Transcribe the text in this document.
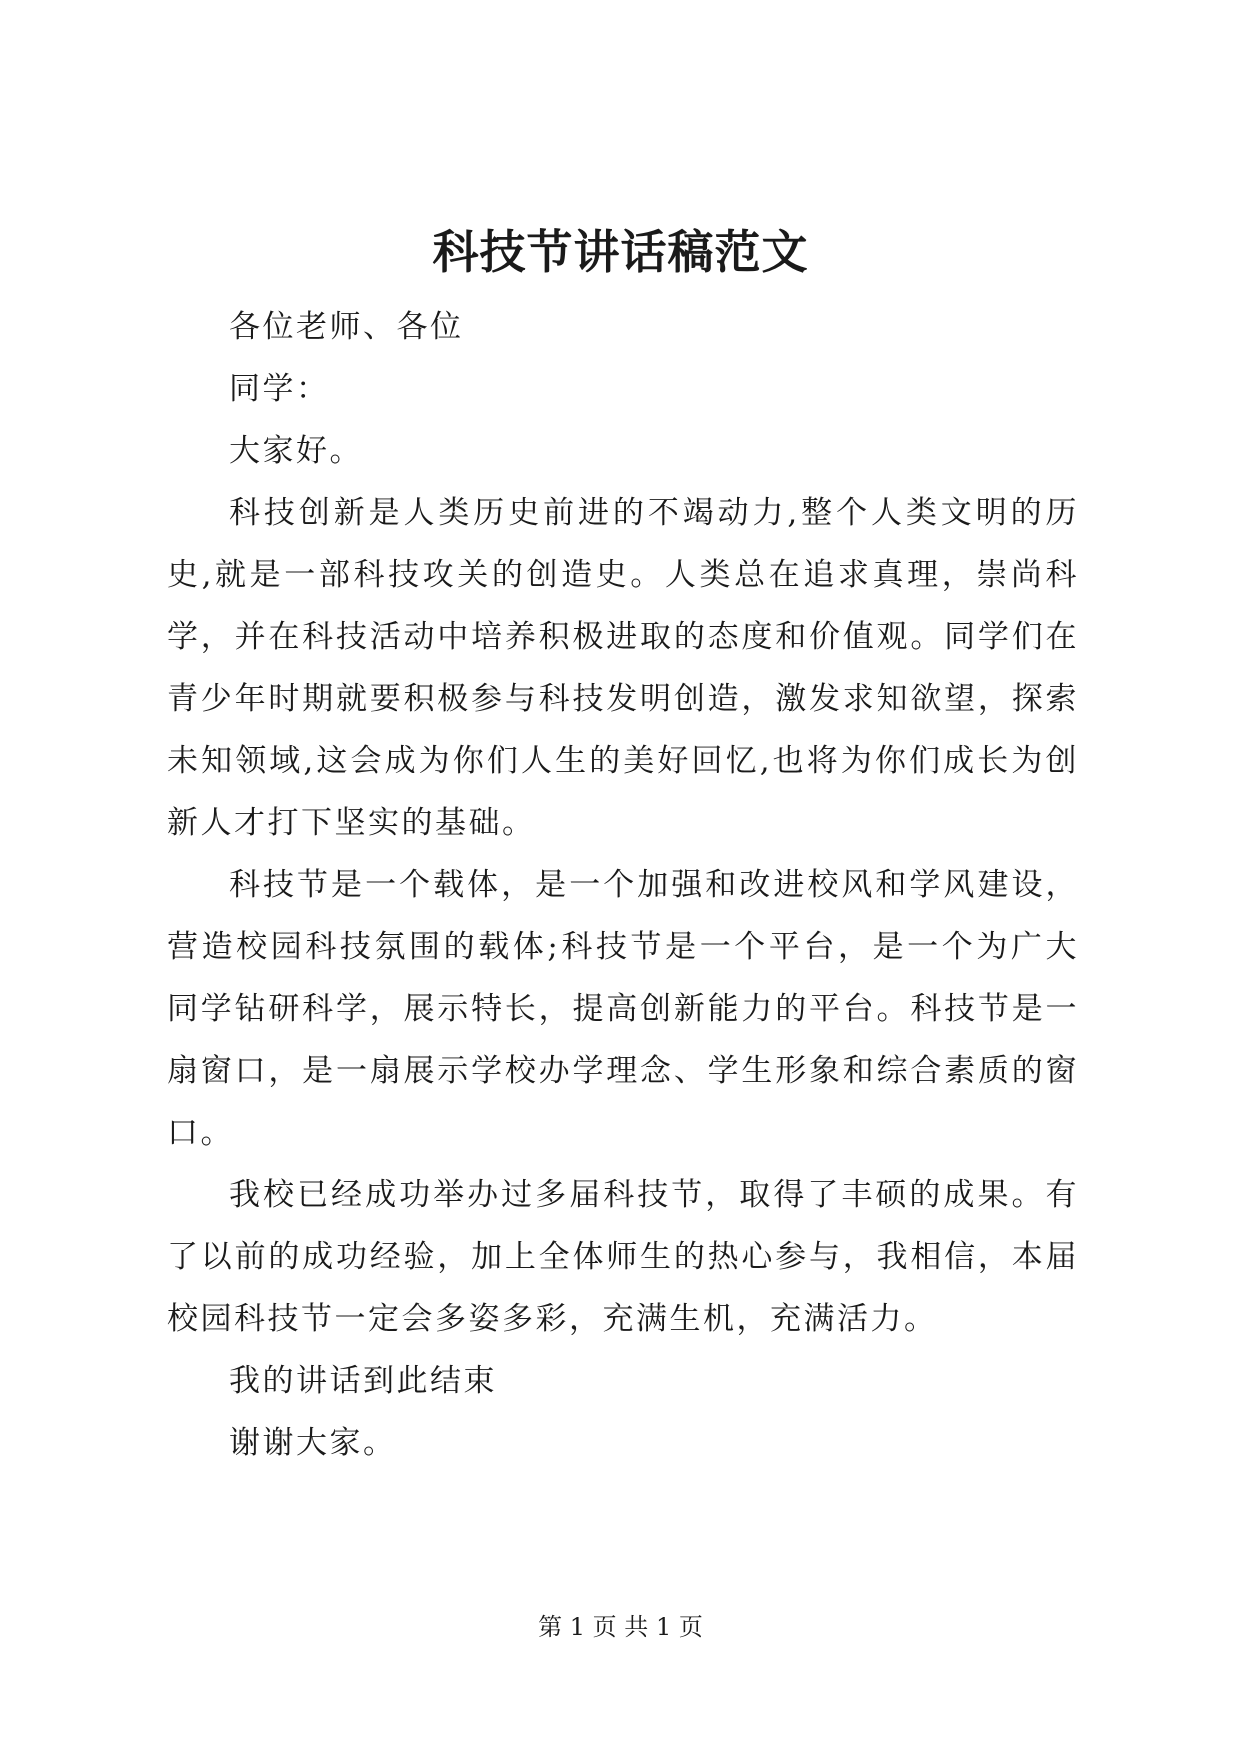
科技节讲话稿范文

各位老师、各位

同学：

大家好。

科技创新是人类历史前进的不竭动力,整个人类文明的历史,就是一部科技攻关的创造史。人类总在追求真理，崇尚科学，并在科技活动中培养积极进取的态度和价值观。同学们在青少年时期就要积极参与科技发明创造，激发求知欲望，探索未知领域,这会成为你们人生的美好回忆,也将为你们成长为创新人才打下坚实的基础。

科技节是一个载体，是一个加强和改进校风和学风建设，营造校园科技氛围的载体;科技节是一个平台，是一个为广大同学钻研科学，展示特长，提高创新能力的平台。科技节是一扇窗口，是一扇展示学校办学理念、学生形象和综合素质的窗口。

我校已经成功举办过多届科技节，取得了丰硕的成果。有了以前的成功经验，加上全体师生的热心参与，我相信，本届校园科技节一定会多姿多彩，充满生机，充满活力。

我的讲话到此结束

谢谢大家。

第 1 页 共 1 页
